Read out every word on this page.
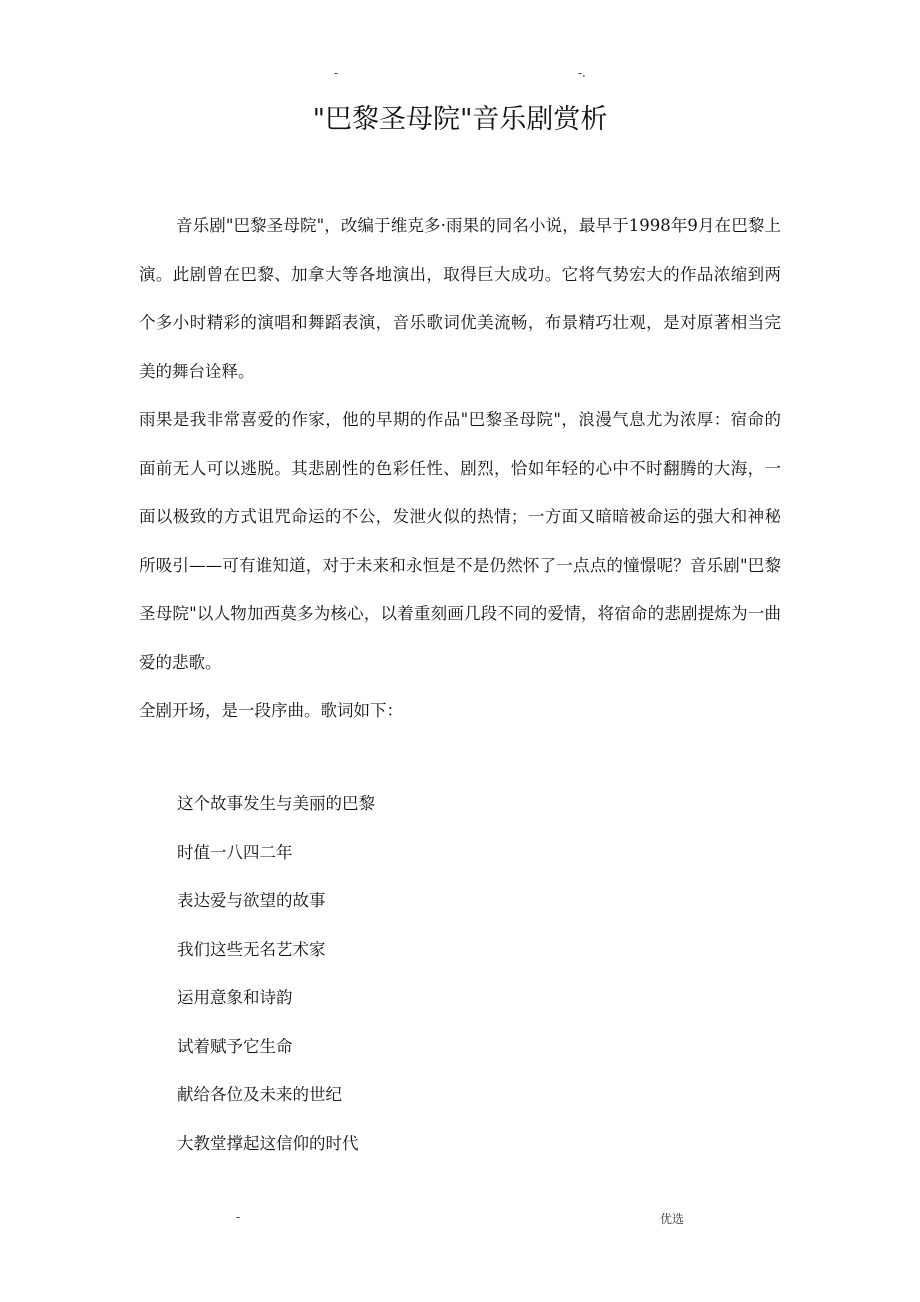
-	-.
"巴黎圣母院"音乐剧赏析

音乐剧"巴黎圣母院"，改编于维克多·雨果的同名小说，最早于1998年9月在巴黎上演。此剧曾在巴黎、加拿大等各地演出，取得巨大成功。它将气势宏大的作品浓缩到两个多小时精彩的演唱和舞蹈表演，音乐歌词优美流畅，布景精巧壮观，是对原著相当完美的舞台诠释。

雨果是我非常喜爱的作家，他的早期的作品"巴黎圣母院"，浪漫气息尤为浓厚：宿命的面前无人可以逃脱。其悲剧性的色彩任性、剧烈，恰如年轻的心中不时翻腾的大海，一面以极致的方式诅咒命运的不公，发泄火似的热情；一方面又暗暗被命运的强大和神秘所吸引——可有谁知道，对于未来和永恒是不是仍然怀了一点点的憧憬呢？音乐剧"巴黎圣母院"以人物加西莫多为核心，以着重刻画几段不同的爱情，将宿命的悲剧提炼为一曲爱的悲歌。

全剧开场，是一段序曲。歌词如下：

这个故事发生与美丽的巴黎
时值一八四二年
表达爱与欲望的故事
我们这些无名艺术家
运用意象和诗韵
试着赋予它生命
献给各位及未来的世纪
大教堂撑起这信仰的时代
-	优选
